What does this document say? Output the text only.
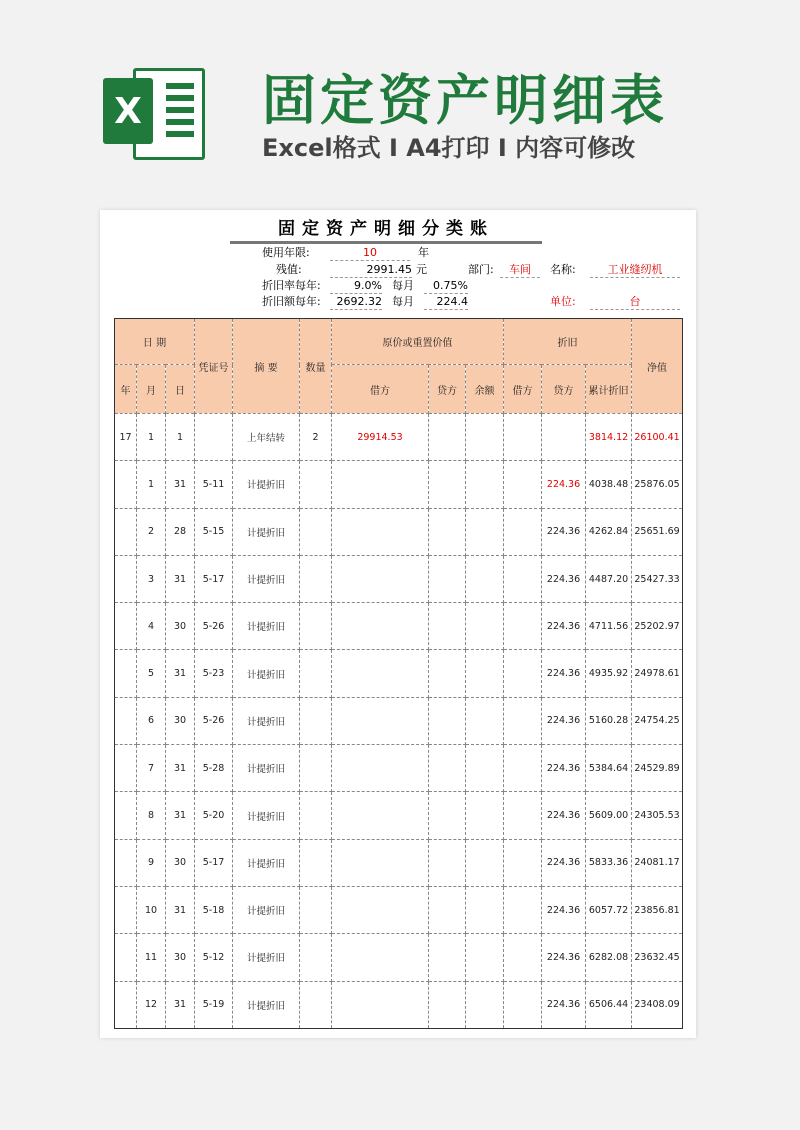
X 固定资产明细表
Excel格式 I A4打印 I 内容可修改
固定资产明细分类账
使用年限:	10	年
残值:	2991.45 元
折旧率每年:	9.0% 每月	0.75%
折旧额每年:	2692.32 每月	224.4
部门:	车间	名称:	工业缝纫机
单位:	台
日 期			凭证号	摘 要	数量	原价或重置价值			折旧			净值
年	月	日				借方	贷方	余额	借方	贷方	累计折旧	
17	1	1		上年结转	2	29914.53					3814.12	26100.41
	1	31	5-11	计提折旧						224.36	4038.48	25876.05
	2	28	5-15	计提折旧						224.36	4262.84	25651.69
	3	31	5-17	计提折旧						224.36	4487.20	25427.33
	4	30	5-26	计提折旧						224.36	4711.56	25202.97
	5	31	5-23	计提折旧						224.36	4935.92	24978.61
	6	30	5-26	计提折旧						224.36	5160.28	24754.25
	7	31	5-28	计提折旧						224.36	5384.64	24529.89
	8	31	5-20	计提折旧						224.36	5609.00	24305.53
	9	30	5-17	计提折旧						224.36	5833.36	24081.17
	10	31	5-18	计提折旧						224.36	6057.72	23856.81
	11	30	5-12	计提折旧						224.36	6282.08	23632.45
	12	31	5-19	计提折旧						224.36	6506.44	23408.09
